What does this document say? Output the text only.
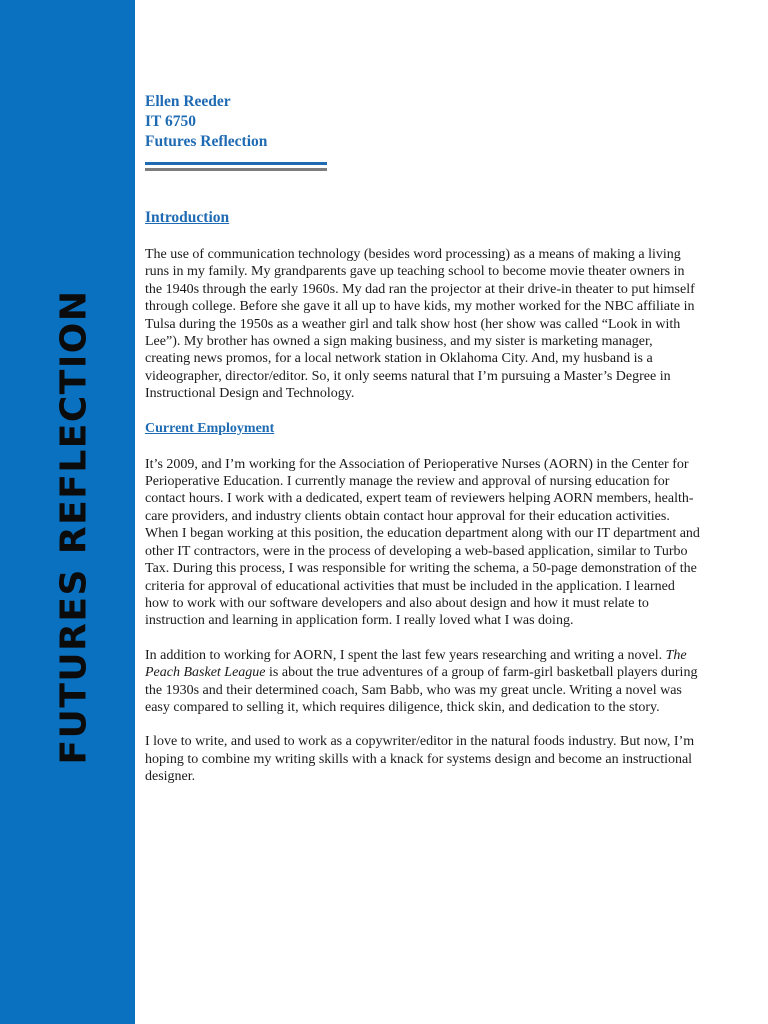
FUTURES REFLECTION
Ellen Reeder
IT 6750
Futures Reflection
Introduction

The use of communication technology (besides word processing) as a means of making a living runs in my family. My grandparents gave up teaching school to become movie theater owners in the 1940s through the early 1960s. My dad ran the projector at their drive-in theater to put himself through college. Before she gave it all up to have kids, my mother worked for the NBC affiliate in Tulsa during the 1950s as a weather girl and talk show host (her show was called “Look in with Lee”). My brother has owned a sign making business, and my sister is marketing manager, creating news promos, for a local network station in Oklahoma City. And, my husband is a videographer, director/editor. So, it only seems natural that I’m pursuing a Master’s Degree in Instructional Design and Technology.

Current Employment

It’s 2009, and I’m working for the Association of Perioperative Nurses (AORN) in the Center for Perioperative Education. I currently manage the review and approval of nursing education for contact hours. I work with a dedicated, expert team of reviewers helping AORN members, health-care providers, and industry clients obtain contact hour approval for their education activities. When I began working at this position, the education department along with our IT department and other IT contractors, were in the process of developing a web-based application, similar to Turbo Tax. During this process, I was responsible for writing the schema, a 50-page demonstration of the criteria for approval of educational activities that must be included in the application. I learned how to work with our software developers and also about design and how it must relate to instruction and learning in application form. I really loved what I was doing.

In addition to working for AORN, I spent the last few years researching and writing a novel. The Peach Basket League is about the true adventures of a group of farm-girl basketball players during the 1930s and their determined coach, Sam Babb, who was my great uncle. Writing a novel was easy compared to selling it, which requires diligence, thick skin, and dedication to the story.

I love to write, and used to work as a copywriter/editor in the natural foods industry. But now, I’m hoping to combine my writing skills with a knack for systems design and become an instructional designer.
